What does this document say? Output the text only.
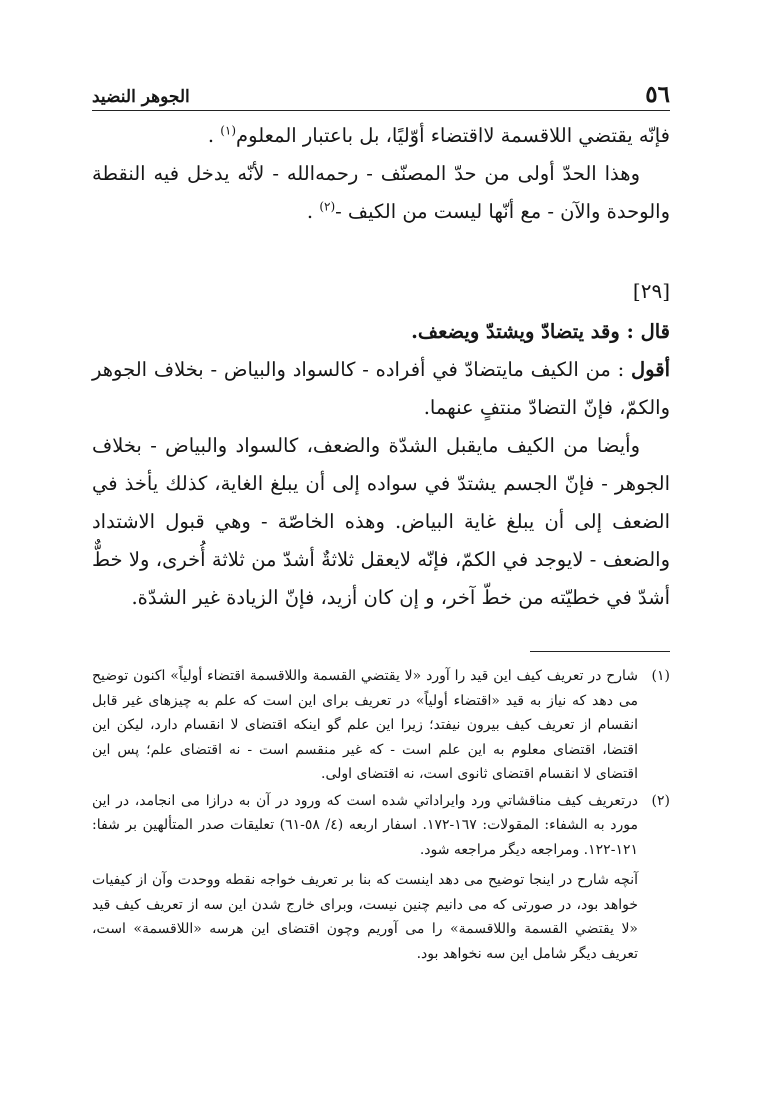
٥٦
الجوهر النضيد

فإنّه يقتضي اللاقسمة لااقتضاء أوّليًا، بل باعتبار المعلوم$^{(١)}$ .

وهذا الحدّ أولى من حدّ المصنّف - رحمه‌الله - لأنّه يدخل فيه النقطة والوحدة والآن - مع أنّها ليست من الكيف -$^{(٢)}$ .

[٢٩]

قال : وقد يتضادّ ويشتدّ ويضعف.

أقول : من الكيف مايتضادّ في أفراده - كالسواد والبياض - بخلاف الجوهر والكمّ، فإنّ التضادّ منتفٍ عنهما.

وأيضا من الكيف مايقبل الشدّة والضعف، كالسواد والبياض - بخلاف الجوهر - فإنّ الجسم يشتدّ في سواده إلى أن يبلغ الغاية، كذلك يأخذ في الضعف إلى أن يبلغ غاية البياض. وهذه الخاصّة - وهي قبول الاشتداد والضعف - لايوجد في الكمّ، فإنّه لايعقل ثلاثةٌ أشدّ من ثلاثة أُخرى، ولا خطٌّ أشدّ في خطيّته من خطّ آخر، و إن كان أزيد، فإنّ الزيادة غير الشدّة.

(١)

شارح در تعريف كيف اين قيد را آورد «لا يقتضي القسمة واللاقسمة اقتضاء أولياً» اكنون توضيح مى دهد كه نياز به قيد «اقتضاء أولياً» در تعريف براى اين است كه علم به چيزهاى غير قابل انقسام از تعريف كيف بيرون نيفتد؛ زيرا اين علم گو اينكه اقتضاى لا انقسام دارد، ليكن اين اقتضا، اقتضاى معلوم به اين علم است - كه غير منقسم است - نه اقتضاى علم؛ پس اين اقتضاى لا انقسام اقتضاى ثانوى است، نه اقتضاى اولى.

(٢)

درتعريف كيف مناقشاتي ورد وايراداتي شده است كه ورود در آن به درازا مى انجامد، در اين مورد به الشفاء: المقولات: ١٦٧-١٧٢. اسفار اربعه (٤/ ٥٨-٦١) تعليقات صدر المتألهين بر شفا: ١٢١-١٢٢. ومراجعه ديگر مراجعه شود.

آنچه شارح در اينجا توضيح مى دهد اينست كه بنا بر تعريف خواجه نقطه ووحدت وآن از كيفيات خواهد بود، در صورتى كه مى دانيم چنين نيست، وبراى خارج شدن اين سه از تعريف كيف قيد «لا يقتضي القسمة واللاقسمة» را مى آوريم وچون اقتضاى اين هرسه «اللاقسمة» است، تعريف ديگر شامل اين سه نخواهد بود.
